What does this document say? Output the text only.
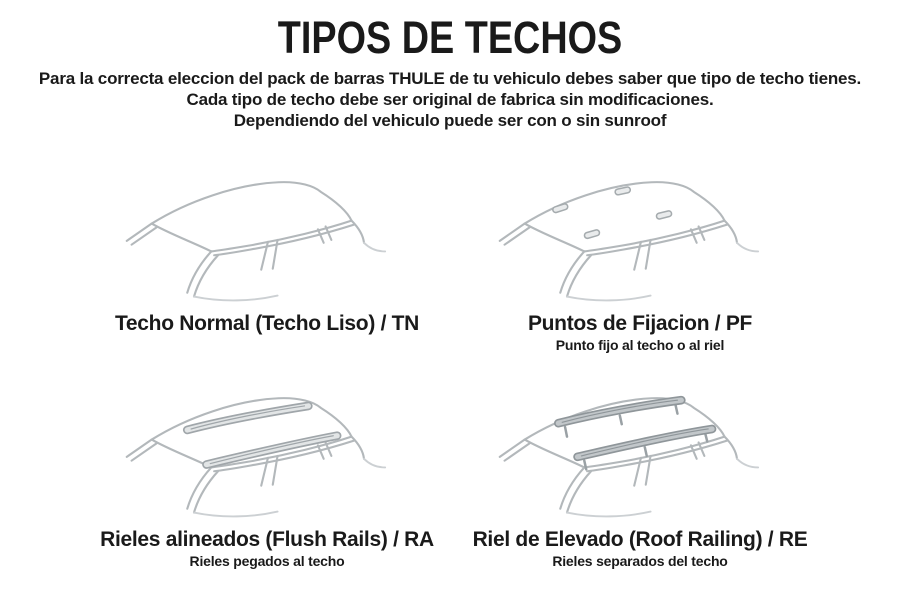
TIPOS DE TECHOS
Para la correcta eleccion del pack de barras THULE de tu vehiculo debes saber que tipo de techo tienes.
Cada tipo de techo debe ser original de fabrica sin modificaciones.
Dependiendo del vehiculo puede ser con o sin sunroof
Techo Normal (Techo Liso) / TN	Puntos de Fijacion / PF
Punto fijo al techo o al riel
Rieles alineados (Flush Rails) / RA
Rieles pegados al techo
Riel de Elevado (Roof Railing) / RE
Rieles separados del techo
